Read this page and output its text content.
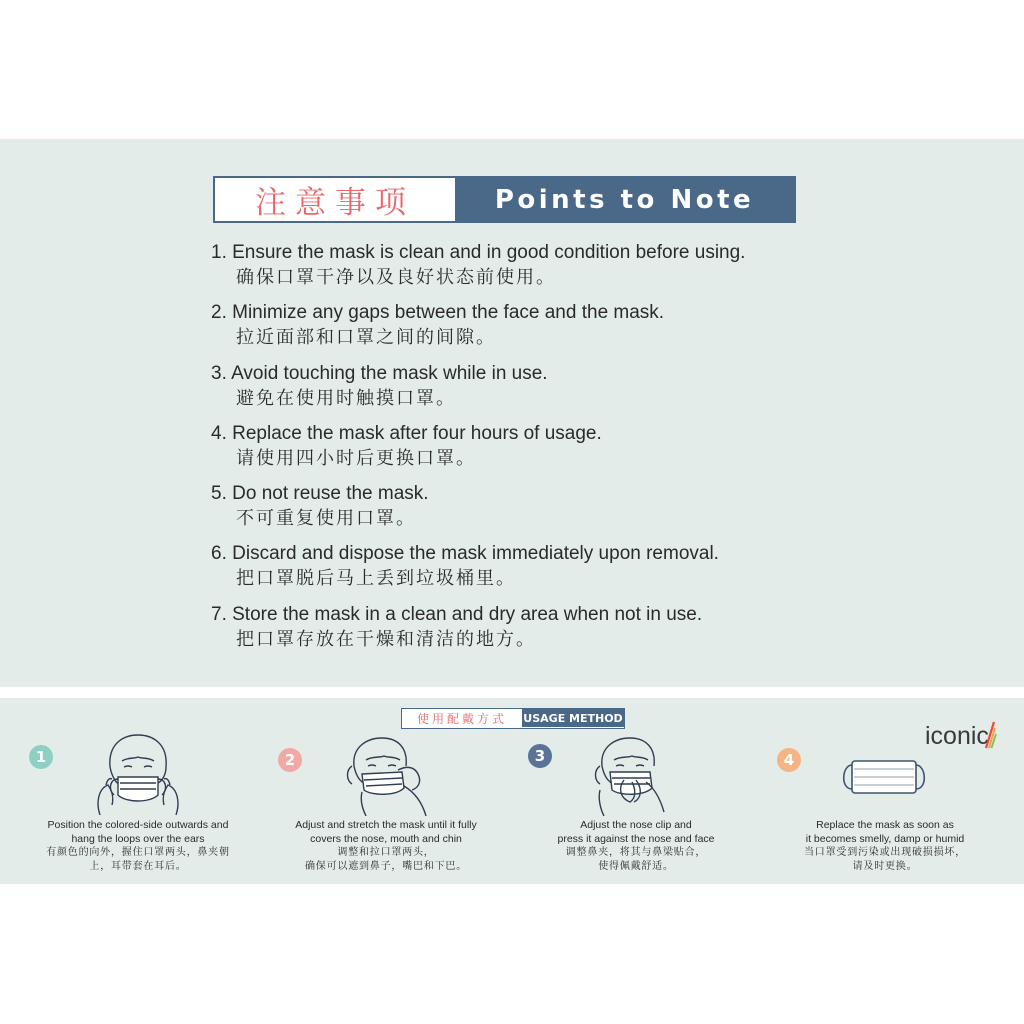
注意事项	Points to Note
1. Ensure the mask is clean and in good condition before using.
确保口罩干净以及良好状态前使用。
2. Minimize any gaps between the face and the mask.
拉近面部和口罩之间的间隙。
3. Avoid touching the mask while in use.
避免在使用时触摸口罩。
4. Replace the mask after four hours of usage.
请使用四小时后更换口罩。
5. Do not reuse the mask.
不可重复使用口罩。
6. Discard and dispose the mask immediately upon removal.
把口罩脱后马上丢到垃圾桶里。
7. Store the mask in a clean and dry area when not in use.
把口罩存放在干燥和清洁的地方。
使用配戴方式	USAGE METHOD
iconic
1
Position the colored-side outwards and
hang the loops over the ears
有颜色的向外，握住口罩两头，鼻夹朝
上，耳带套在耳后。
2
Adjust and stretch the mask until it fully
covers the nose, mouth and chin
调整和拉口罩两头，
确保可以遮到鼻子，嘴巴和下巴。
3
Adjust the nose clip and
press it against the nose and face
调整鼻夹，将其与鼻梁贴合，
使得佩戴舒适。
4
Replace the mask as soon as
it becomes smelly, damp or humid
当口罩受到污染或出现破损损坏，
请及时更换。
